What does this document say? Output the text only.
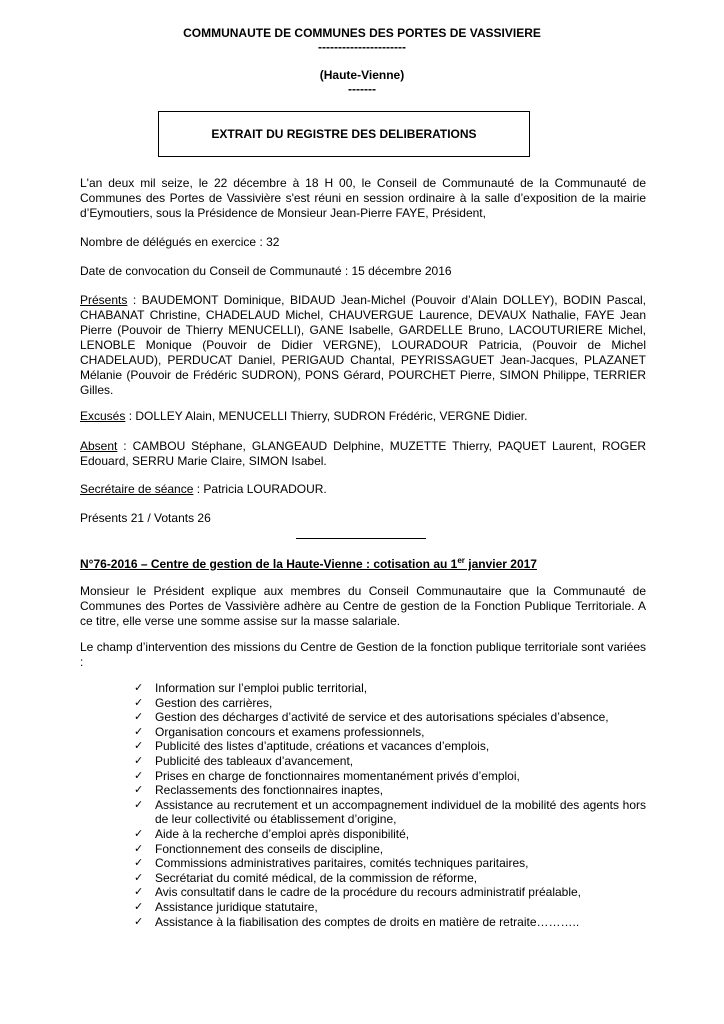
COMMUNAUTE DE COMMUNES DES PORTES DE VASSIVIERE
----------------------
(Haute-Vienne)
-------
EXTRAIT DU REGISTRE DES DELIBERATIONS

L'an deux mil seize, le 22 décembre à 18 H 00, le Conseil de Communauté de la Communauté de Communes des Portes de Vassivière s'est réuni en session ordinaire à la salle d’exposition de la mairie d’Eymoutiers, sous la Présidence de Monsieur Jean-Pierre FAYE, Président,

Nombre de délégués en exercice : 32

Date de convocation du Conseil de Communauté : 15 décembre 2016

Présents : BAUDEMONT Dominique, BIDAUD Jean-Michel (Pouvoir d’Alain DOLLEY), BODIN Pascal, CHABANAT Christine, CHADELAUD Michel, CHAUVERGUE Laurence, DEVAUX Nathalie, FAYE Jean Pierre (Pouvoir de Thierry MENUCELLI), GANE Isabelle, GARDELLE Bruno, LACOUTURIERE Michel, LENOBLE Monique (Pouvoir de Didier VERGNE), LOURADOUR Patricia, (Pouvoir de Michel CHADELAUD), PERDUCAT Daniel, PERIGAUD Chantal, PEYRISSAGUET Jean-Jacques, PLAZANET Mélanie (Pouvoir de Frédéric SUDRON), PONS Gérard, POURCHET Pierre, SIMON Philippe, TERRIER Gilles.

Excusés : DOLLEY Alain, MENUCELLI Thierry, SUDRON Frédéric, VERGNE Didier.

Absent : CAMBOU Stéphane, GLANGEAUD Delphine, MUZETTE Thierry, PAQUET Laurent, ROGER Edouard, SERRU Marie Claire, SIMON Isabel.

Secrétaire de séance : Patricia LOURADOUR.

Présents 21 / Votants 26

N°76-2016 – Centre de gestion de la Haute-Vienne : cotisation au 1er janvier 2017

Monsieur le Président explique aux membres du Conseil Communautaire que la Communauté de Communes des Portes de Vassivière adhère au Centre de gestion de la Fonction Publique Territoriale. A ce titre, elle verse une somme assise sur la masse salariale.

Le champ d’intervention des missions du Centre de Gestion de la fonction publique territoriale sont variées :

✓ Information sur l’emploi public territorial,
✓ Gestion des carrières,
✓ Gestion des décharges d’activité de service et des autorisations spéciales d’absence,
✓ Organisation concours et examens professionnels,
✓ Publicité des listes d’aptitude, créations et vacances d’emplois,
✓ Publicité des tableaux d’avancement,
✓ Prises en charge de fonctionnaires momentanément privés d’emploi,
✓ Reclassements des fonctionnaires inaptes,
✓ Assistance au recrutement et un accompagnement individuel de la mobilité des agents hors de leur collectivité ou établissement d’origine,
✓ Aide à la recherche d’emploi après disponibilité,
✓ Fonctionnement des conseils de discipline,
✓ Commissions administratives paritaires, comités techniques paritaires,
✓ Secrétariat du comité médical, de la commission de réforme,
✓ Avis consultatif dans le cadre de la procédure du recours administratif préalable,
✓ Assistance juridique statutaire,
✓ Assistance à la fiabilisation des comptes de droits en matière de retraite………..
